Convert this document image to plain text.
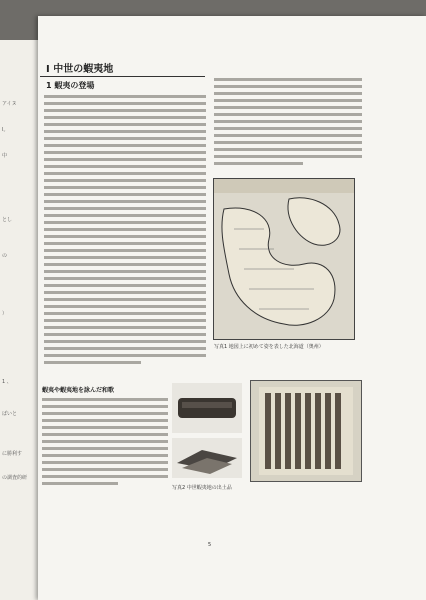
アイヌ
Ⅰ。
中
とし
の
）
1 、
ばいと
に勝利す
の調査的研
Ⅰ 中世の蝦夷地
1 蝦夷の登場
写真1 地図上に初めて姿を表した北海道（奥州）
蝦夷や蝦夷地を詠んだ和歌
写真2 中世蝦夷地の出土品
5
